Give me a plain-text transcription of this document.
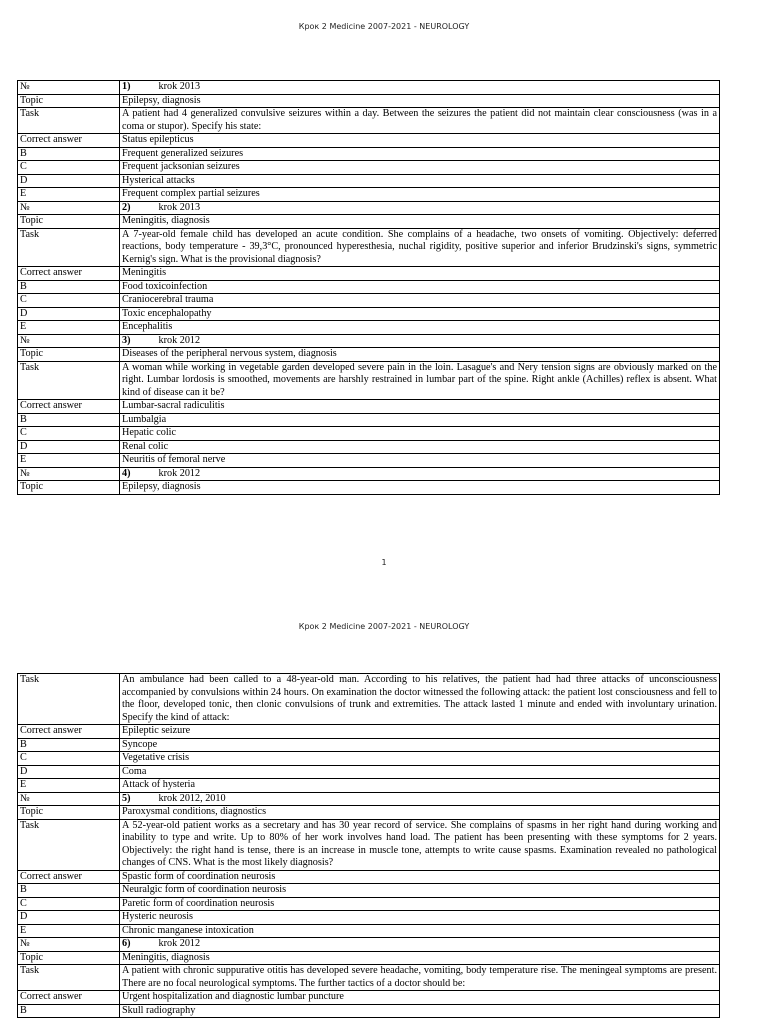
Крок 2 Medicine 2007-2021 - NEUROLOGY
№	1) krok 2013
Topic	Epilepsy, diagnosis
Task	A patient had 4 generalized convulsive seizures within a day. Between the seizures the patient did not maintain clear consciousness (was in a coma or stupor). Specify his state:
Correct answer	Status epilepticus
B	Frequent generalized seizures
C	Frequent jacksonian seizures
D	Hysterical attacks
E	Frequent complex partial seizures
№	2) krok 2013
Topic	Meningitis, diagnosis
Task	A 7-year-old female child has developed an acute condition. She complains of a headache, two onsets of vomiting. Objectively: deferred reactions, body temperature - 39,3°C, pronounced hyperesthesia, nuchal rigidity, positive superior and inferior Brudzinski's signs, symmetric Kernig's sign. What is the provisional diagnosis?
Correct answer	Meningitis
B	Food toxicoinfection
C	Craniocerebral trauma
D	Toxic encephalopathy
E	Encephalitis
№	3) krok 2012
Topic	Diseases of the peripheral nervous system, diagnosis
Task	A woman while working in vegetable garden developed severe pain in the loin. Lasague's and Nery tension signs are obviously marked on the right. Lumbar lordosis is smoothed, movements are harshly restrained in lumbar part of the spine. Right ankle (Achilles) reflex is absent. What kind of disease can it be?
Correct answer	Lumbar-sacral radiculitis
B	Lumbalgia
C	Hepatic colic
D	Renal colic
E	Neuritis of femoral nerve
№	4) krok 2012
Topic	Epilepsy, diagnosis
1
Крок 2 Medicine 2007-2021 - NEUROLOGY
Task	An ambulance had been called to a 48-year-old man. According to his relatives, the patient had had three attacks of unconsciousness accompanied by convulsions within 24 hours. On examination the doctor witnessed the following attack: the patient lost consciousness and fell to the floor, developed tonic, then clonic convulsions of trunk and extremities. The attack lasted 1 minute and ended with involuntary urination. Specify the kind of attack:
Correct answer	Epileptic seizure
B	Syncope
C	Vegetative crisis
D	Coma
E	Attack of hysteria
№	5) krok 2012, 2010
Topic	Paroxysmal conditions, diagnostics
Task	A 52-year-old patient works as a secretary and has 30 year record of service. She complains of spasms in her right hand during working and inability to type and write. Up to 80% of her work involves hand load. The patient has been presenting with these symptoms for 2 years. Objectively: the right hand is tense, there is an increase in muscle tone, attempts to write cause spasms. Examination revealed no pathological changes of CNS. What is the most likely diagnosis?
Correct answer	Spastic form of coordination neurosis
B	Neuralgic form of coordination neurosis
C	Paretic form of coordination neurosis
D	Hysteric neurosis
E	Chronic manganese intoxication
№	6) krok 2012
Topic	Meningitis, diagnosis
Task	A patient with chronic suppurative otitis has developed severe headache, vomiting, body temperature rise. The meningeal symptoms are present. There are no focal neurological symptoms. The further tactics of a doctor should be:
Correct answer	Urgent hospitalization and diagnostic lumbar puncture
B	Skull radiography
